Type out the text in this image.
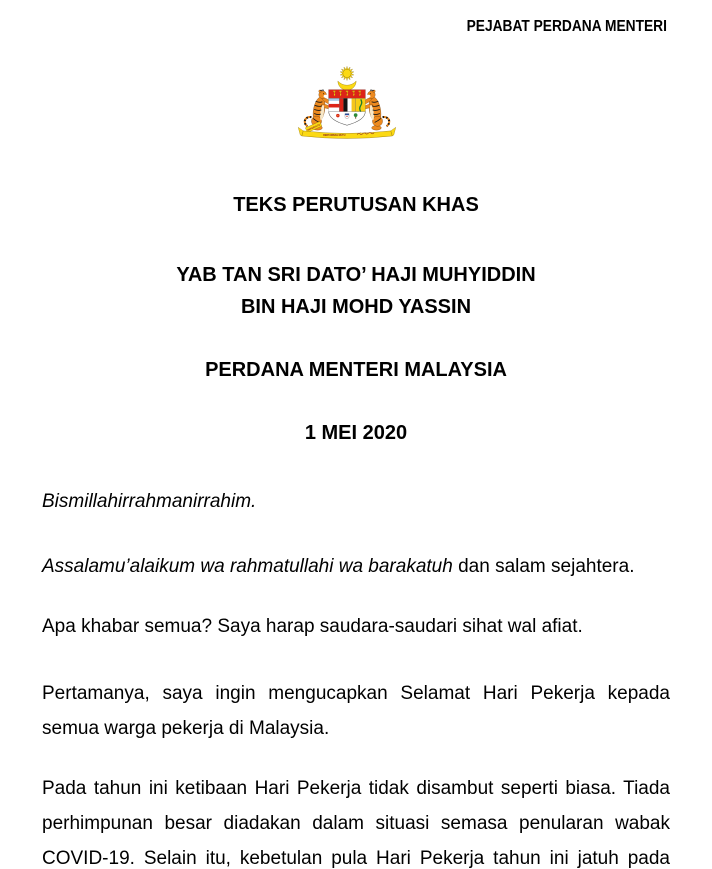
PEJABAT PERDANA MENTERI
BERSEKUTU
BERTAMBAH MUTU
TEKS PERUTUSAN KHAS
YAB TAN SRI DATO’ HAJI MUHYIDDIN
BIN HAJI MOHD YASSIN
PERDANA MENTERI MALAYSIA
1 MEI 2020

Bismillahirrahmanirrahim.

Assalamu’alaikum wa rahmatullahi wa barakatuh dan salam sejahtera.

Apa khabar semua? Saya harap saudara-saudari sihat wal afiat.

Pertamanya, saya ingin mengucapkan Selamat Hari Pekerja kepada semua warga pekerja di Malaysia.

Pada tahun ini ketibaan Hari Pekerja tidak disambut seperti biasa. Tiada perhimpunan besar diadakan dalam situasi semasa penularan wabak COVID-19. Selain itu, kebetulan pula Hari Pekerja tahun ini jatuh pada
